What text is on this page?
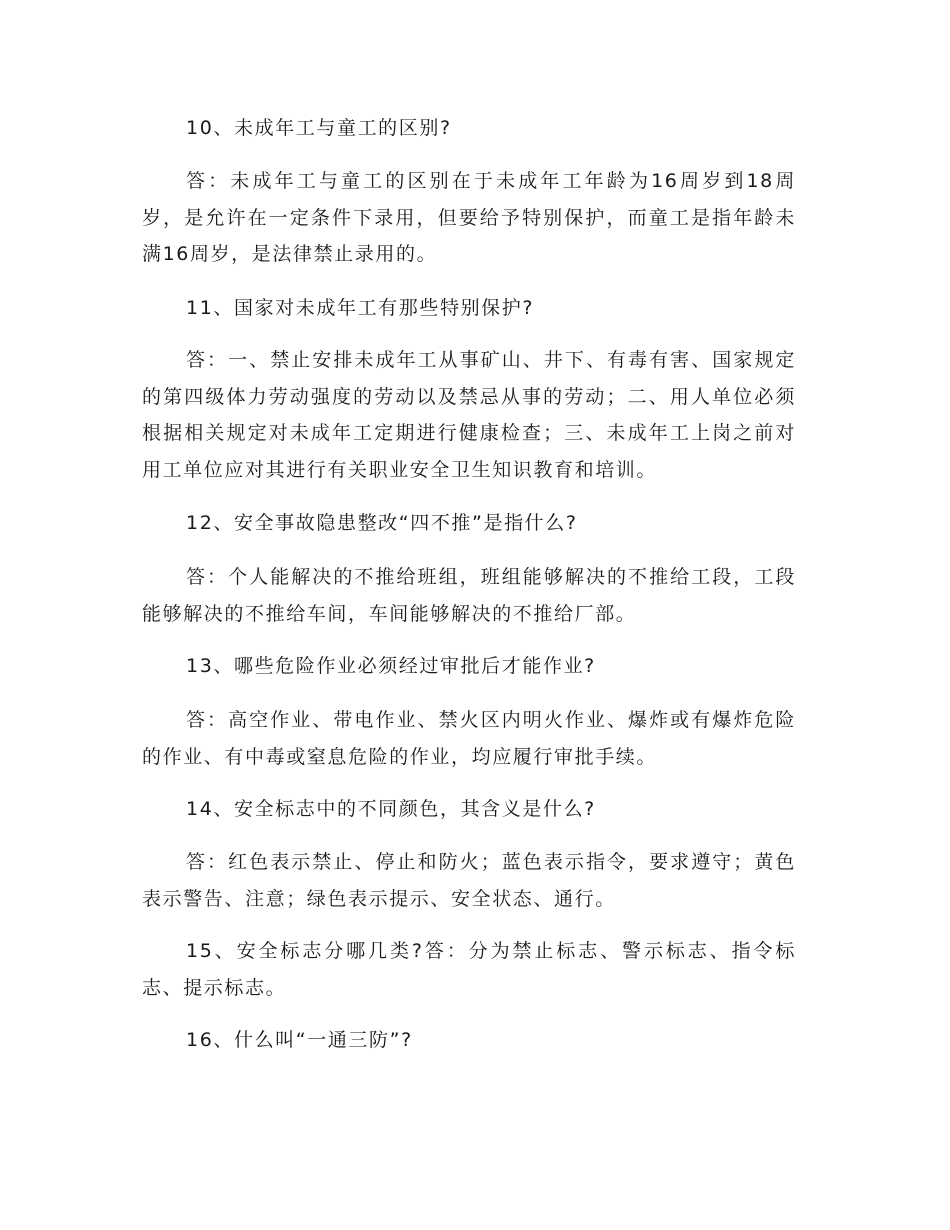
10、未成年工与童工的区别?

答：未成年工与童工的区别在于未成年工年龄为16周岁到18周岁，是允许在一定条件下录用，但要给予特别保护，而童工是指年龄未满16周岁，是法律禁止录用的。

11、国家对未成年工有那些特别保护?

答：一、禁止安排未成年工从事矿山、井下、有毒有害、国家规定的第四级体力劳动强度的劳动以及禁忌从事的劳动；二、用人单位必须根据相关规定对未成年工定期进行健康检查；三、未成年工上岗之前对用工单位应对其进行有关职业安全卫生知识教育和培训。

12、安全事故隐患整改“四不推”是指什么?

答：个人能解决的不推给班组，班组能够解决的不推给工段，工段能够解决的不推给车间，车间能够解决的不推给厂部。

13、哪些危险作业必须经过审批后才能作业?

答：高空作业、带电作业、禁火区内明火作业、爆炸或有爆炸危险的作业、有中毒或窒息危险的作业，均应履行审批手续。

14、安全标志中的不同颜色，其含义是什么?

答：红色表示禁止、停止和防火；蓝色表示指令，要求遵守；黄色表示警告、注意；绿色表示提示、安全状态、通行。

15、安全标志分哪几类?答：分为禁止标志、警示标志、指令标志、提示标志。

16、什么叫“一通三防”?
